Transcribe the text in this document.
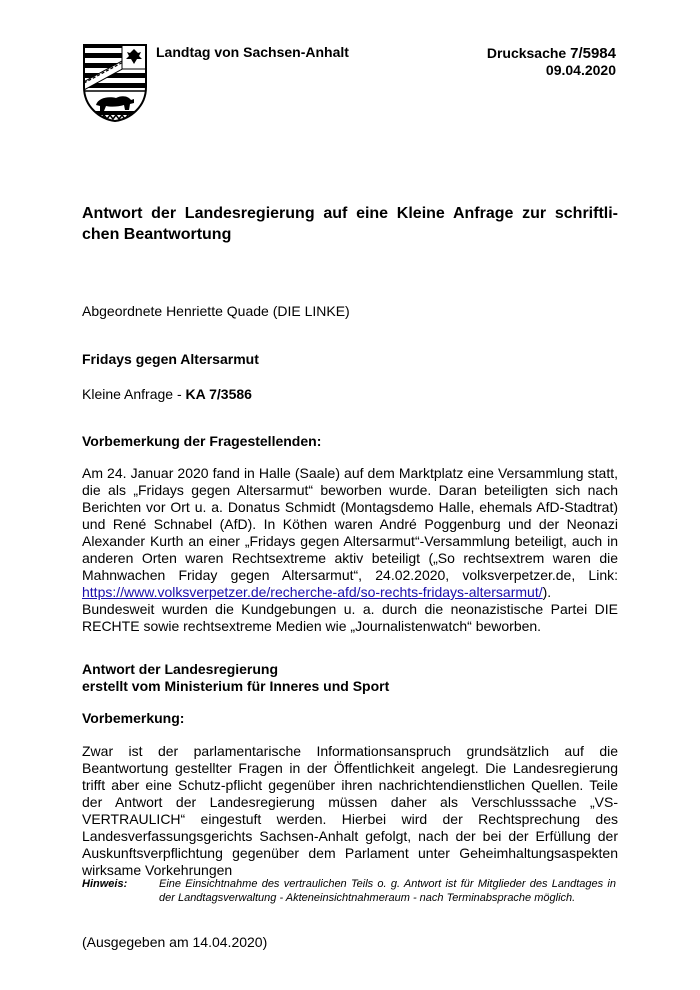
Landtag von Sachsen-Anhalt	Drucksache 7/5984
09.04.2020
Antwort der Landesregierung auf eine Kleine Anfrage zur schriftli-
chen Beantwortung
Abgeordnete Henriette Quade (DIE LINKE)
Fridays gegen Altersarmut
Kleine Anfrage - KA 7/3586
Vorbemerkung der Fragestellenden:
Am 24. Januar 2020 fand in Halle (Saale) auf dem Marktplatz eine Versammlung statt, die als „Fridays gegen Altersarmut“ beworben wurde. Daran beteiligten sich nach Berichten vor Ort u. a. Donatus Schmidt (Montagsdemo Halle, ehemals AfD-Stadtrat) und René Schnabel (AfD). In Köthen waren André Poggenburg und der Neonazi Alexander Kurth an einer „Fridays gegen Altersarmut“-Versammlung beteiligt, auch in anderen Orten waren Rechtsextreme aktiv beteiligt („So rechtsextrem waren die Mahnwachen Friday gegen Altersarmut“, 24.02.2020, volksverpetzer.de, Link: https://www.volksverpetzer.de/recherche-afd/so-rechts-fridays-altersarmut/). Bundesweit wurden die Kundgebungen u. a. durch die neonazistische Partei DIE RECHTE sowie rechtsextreme Medien wie „Journalistenwatch“ beworben.
Antwort der Landesregierung
erstellt vom Ministerium für Inneres und Sport
Vorbemerkung:
Zwar ist der parlamentarische Informationsanspruch grundsätzlich auf die Beantwortung gestellter Fragen in der Öffentlichkeit angelegt. Die Landesregierung trifft aber eine Schutz-pflicht gegenüber ihren nachrichtendienstlichen Quellen. Teile der Antwort der Landesregierung müssen daher als Verschlusssache „VS-VERTRAULICH“ eingestuft werden. Hierbei wird der Rechtsprechung des Landesverfassungsgerichts Sachsen-Anhalt gefolgt, nach der bei der Erfüllung der Auskunftsverpflichtung gegenüber dem Parlament unter Geheimhaltungsaspekten wirksame Vorkehrungen
Hinweis:	Eine Einsichtnahme des vertraulichen Teils o. g. Antwort ist für Mitglieder des Landtages in der Landtagsverwaltung - Akteneinsichtnahmeraum - nach Terminabsprache möglich.
(Ausgegeben am 14.04.2020)
